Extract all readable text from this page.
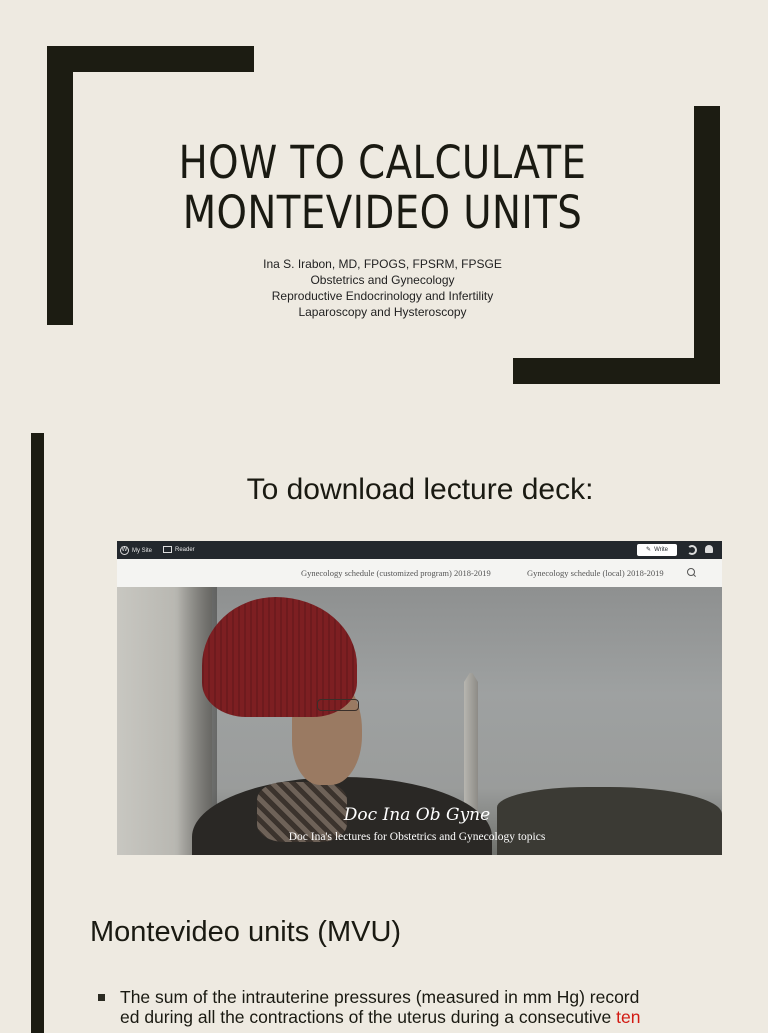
HOW TO CALCULATE
MONTEVIDEO UNITS
Ina S. Irabon, MD, FPOGS, FPSRM, FPSGE
Obstetrics and Gynecology
Reproductive Endocrinology and Infertility
Laparoscopy and Hysteroscopy
To download lecture deck:
W My Site	Reader	✎ Write
Gynecology schedule (customized program) 2018-2019	Gynecology schedule (local) 2018-2019
Doc Ina Ob Gyne
Doc Ina's lectures for Obstetrics and Gynecology topics
Montevideo units (MVU)
The sum of the intrauterine pressures (measured in mm Hg) record
ed during all the contractions of the uterus during a consecutive ten
